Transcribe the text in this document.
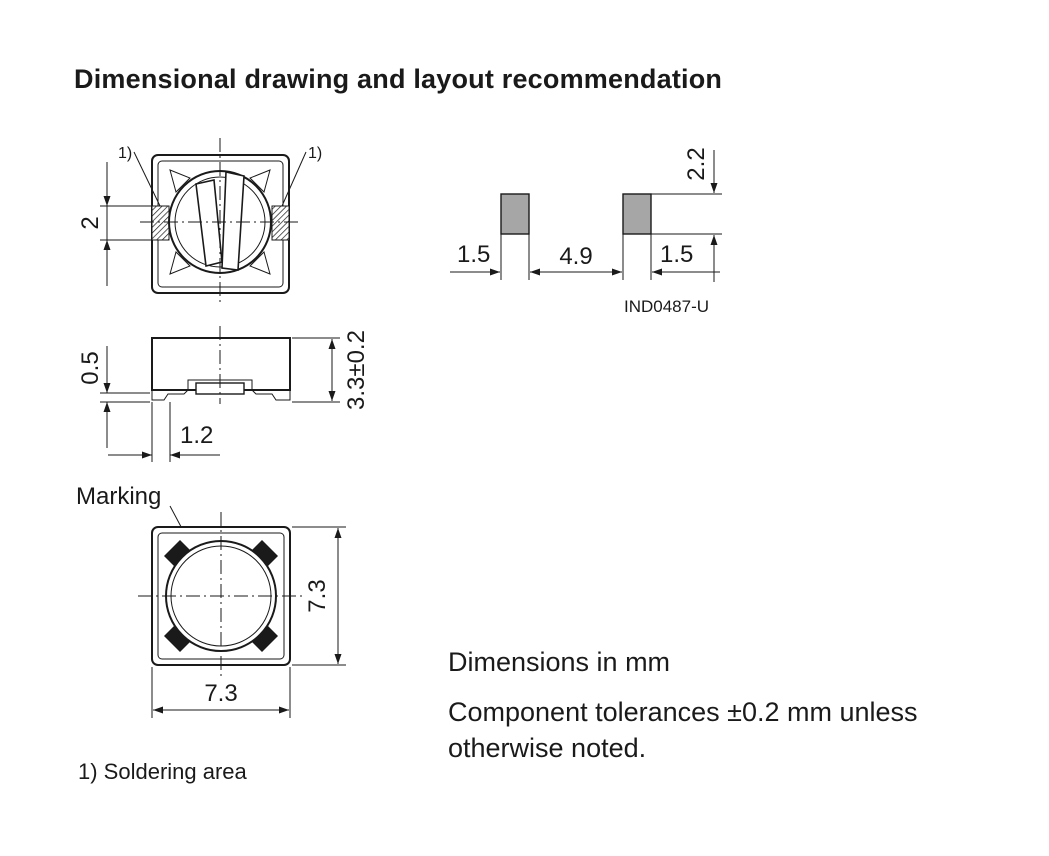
Dimensional drawing and layout recommendation
1)	1)
2
0.5	3.3±0.2
1.2
Marking
7.3
7.3
1.5	4.9	1.5
2.2
IND0487-U
Dimensions in mm
Component tolerances ±0.2 mm unless
otherwise noted.
1) Soldering area
